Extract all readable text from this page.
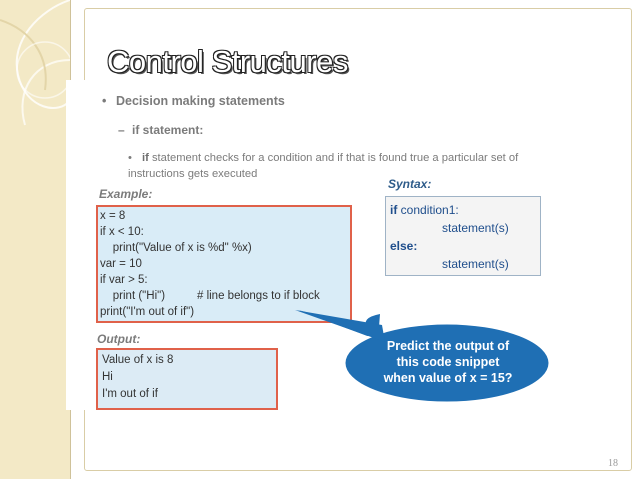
Control Structures
• Decision making statements
– if statement:
• if statement checks for a condition and if that is found true a particular set of
instructions gets executed
Example:
x = 8
if x < 10:
print("Value of x is %d" %x)
var = 10
if var > 5:
print ("Hi")          # line belongs to if block
print("I'm out of if")
Output:
Value of x is 8
Hi
I'm out of if
Syntax:
if condition1:
statement(s)
else:
statement(s)
Predict the output of
this code snippet
when value of x = 15?
18
